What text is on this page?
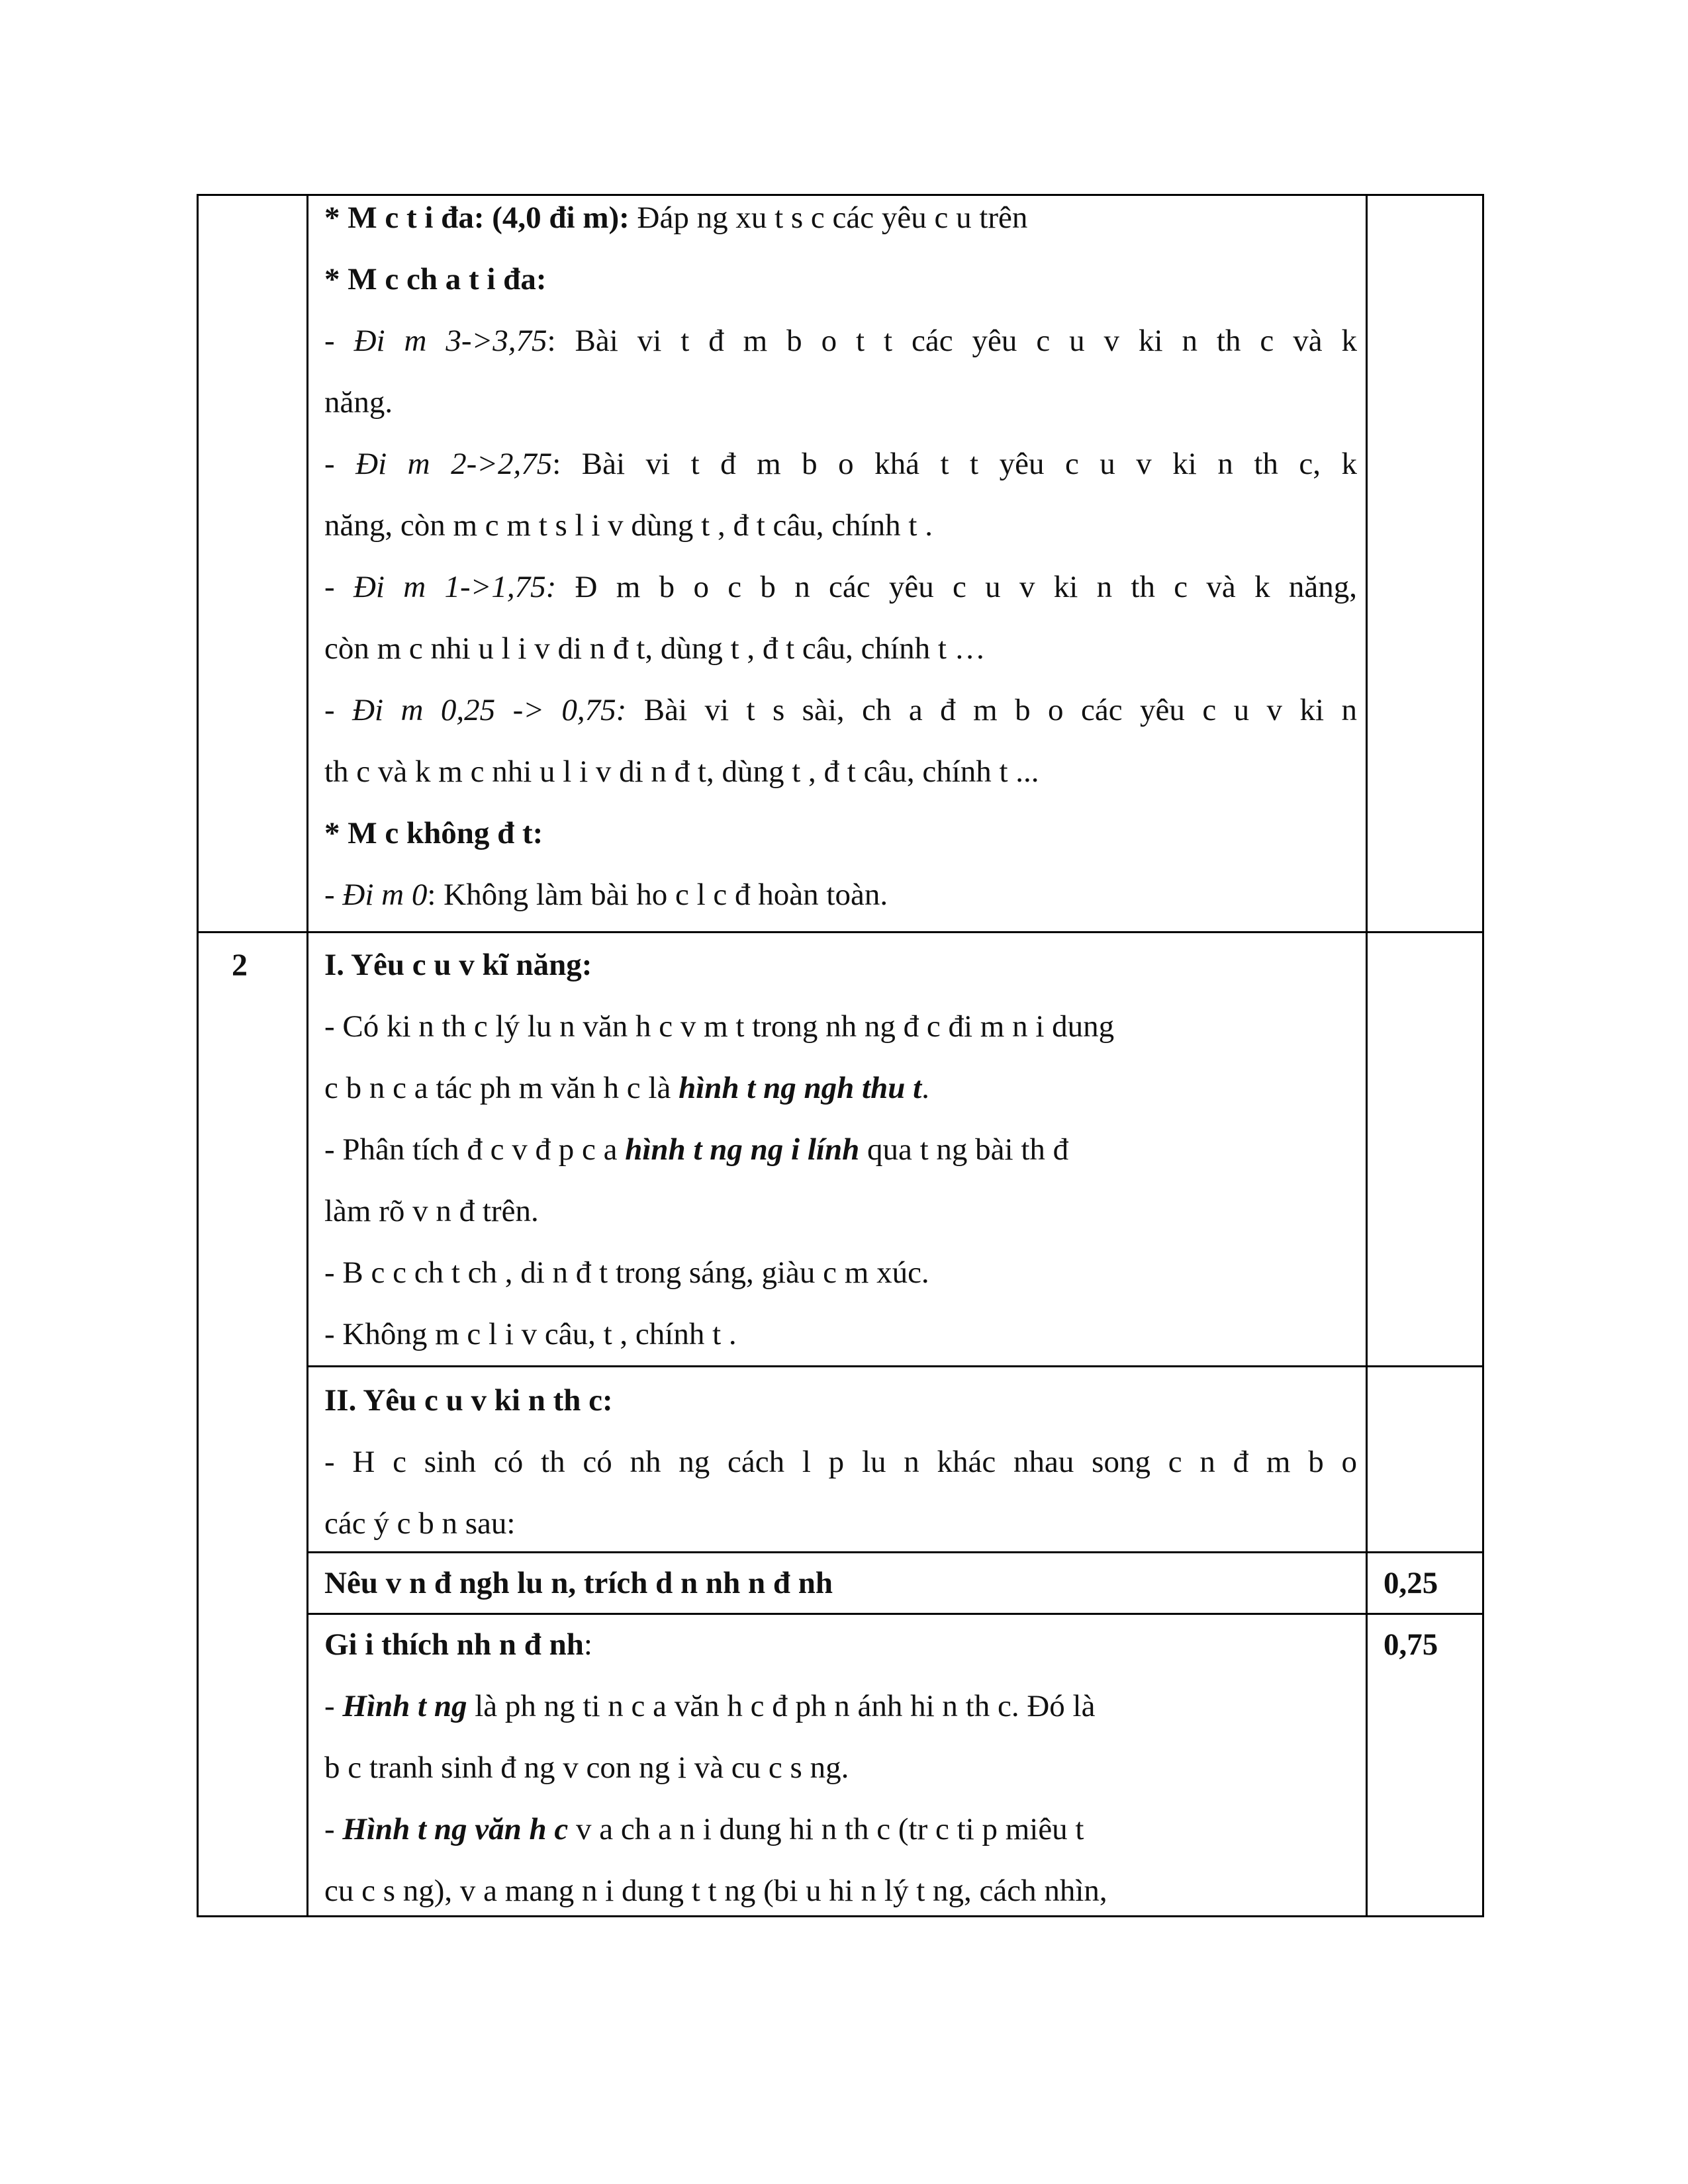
* M c t i đa: (4,0 đi m): Đáp ng xu t s c các yêu c u trên
* M c ch a t i đa:
- Đi m 3->3,75: Bài vi t đ m b o t t các yêu c u v ki n th c và k
năng.
- Đi m 2->2,75: Bài vi t đ m b o khá t t yêu c u v ki n th c, k
năng, còn m c m t s l i v dùng t , đ t câu, chính t .
- Đi m 1->1,75: Đ m b o c b n các yêu c u v ki n th c và k năng,
còn m c nhi u l i v di n đ t, dùng t , đ t câu, chính t …
- Đi m 0,25 -> 0,75: Bài vi t s sài, ch a đ m b o các yêu c u v ki n
th c và k m c nhi u l i v di n đ t, dùng t , đ t câu, chính t ...
* M c không đ t:
- Đi m 0: Không làm bài ho c l c đ hoàn toàn.
2 I. Yêu c u v kĩ năng:
- Có ki n th c lý lu n văn h c v m t trong nh ng đ c đi m n i dung
c b n c a tác ph m văn h c là hình t ng ngh thu t.
- Phân tích đ c v đ p c a hình t ng ng i lính qua t ng bài th đ
làm rõ v n đ trên.
- B c c ch t ch , di n đ t trong sáng, giàu c m xúc.
- Không m c l i v câu, t , chính t .
II. Yêu c u v ki n th c:
- H c sinh có th có nh ng cách l p lu n khác nhau song c n đ m b o
các ý c b n sau:
Nêu v n đ ngh lu n, trích d n nh n đ nh	0,25
Gi i thích nh n đ nh:
- Hình t ng là ph ng ti n c a văn h c đ ph n ánh hi n th c. Đó là
b c tranh sinh đ ng v con ng i và cu c s ng.
- Hình t ng văn h c v a ch a n i dung hi n th c (tr c ti p miêu t
cu c s ng), v a mang n i dung t t ng (bi u hi n lý t ng, cách nhìn,
0,75
